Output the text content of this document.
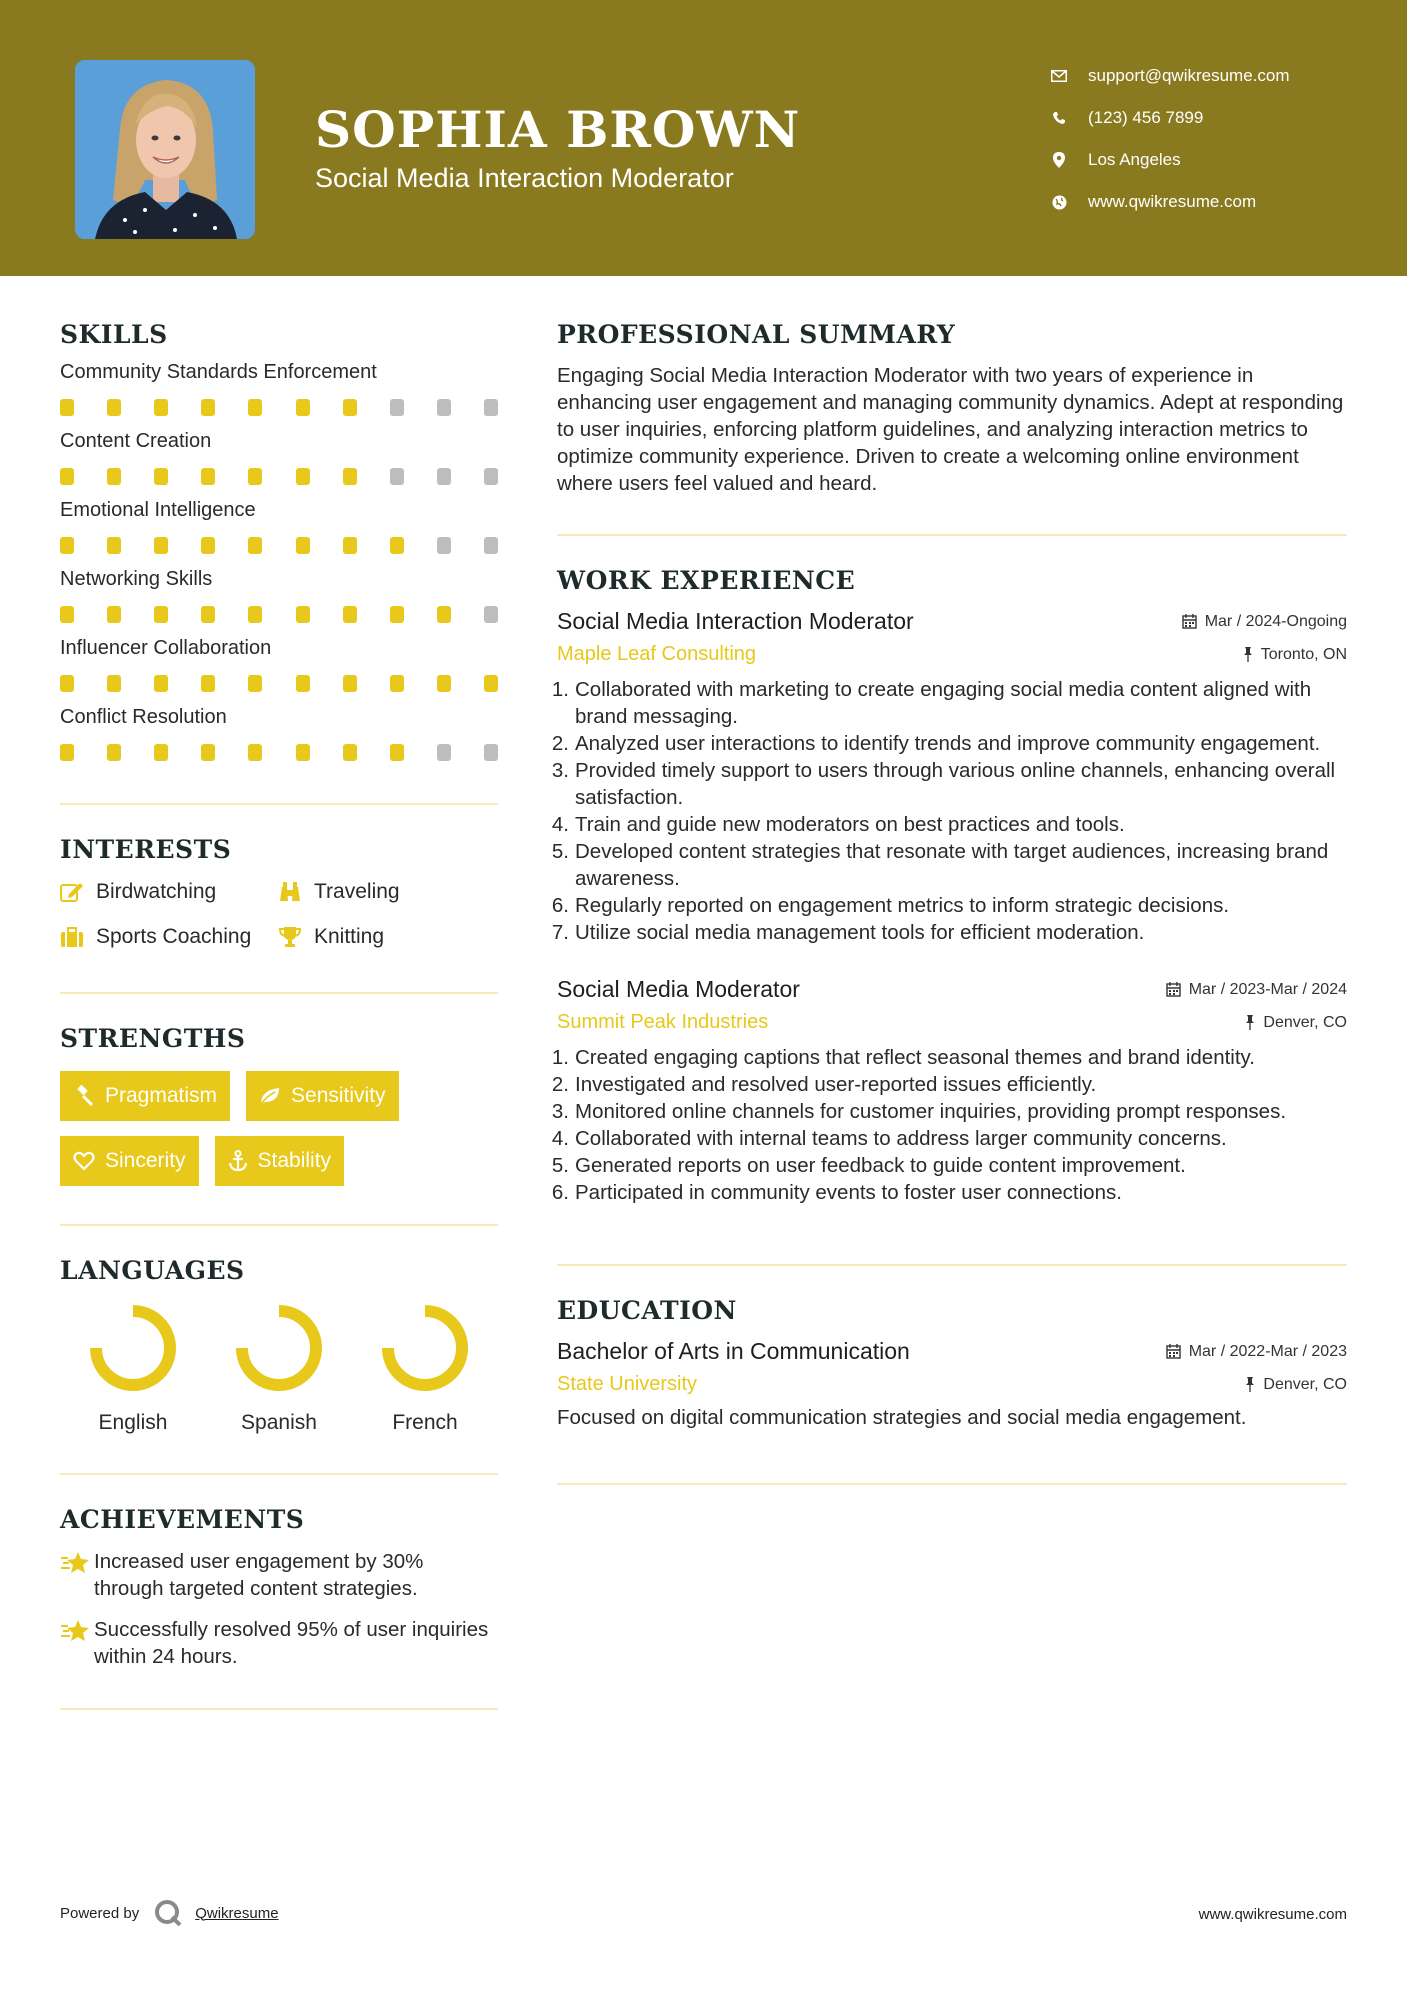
SOPHIA BROWN
Social Media Interaction Moderator
support@qwikresume.com
(123) 456 7899
Los Angeles
www.qwikresume.com
SKILLS
Community Standards Enforcement
Content Creation
Emotional Intelligence
Networking Skills
Influencer Collaboration
Conflict Resolution
INTERESTS
Birdwatching	Traveling
Sports Coaching	Knitting
STRENGTHS
Pragmatism	Sensitivity
Sincerity	Stability
LANGUAGES
English	Spanish	French
ACHIEVEMENTS
Increased user engagement by 30% through targeted content strategies.
Successfully resolved 95% of user inquiries within 24 hours.
PROFESSIONAL SUMMARY
Engaging Social Media Interaction Moderator with two years of experience in enhancing user engagement and managing community dynamics. Adept at responding to user inquiries, enforcing platform guidelines, and analyzing interaction metrics to optimize community experience. Driven to create a welcoming online environment where users feel valued and heard.
WORK EXPERIENCE
Social Media Interaction Moderator	Mar / 2024-Ongoing
Maple Leaf Consulting	Toronto, ON
1. Collaborated with marketing to create engaging social media content aligned with brand messaging.
2. Analyzed user interactions to identify trends and improve community engagement.
3. Provided timely support to users through various online channels, enhancing overall satisfaction.
4. Train and guide new moderators on best practices and tools.
5. Developed content strategies that resonate with target audiences, increasing brand awareness.
6. Regularly reported on engagement metrics to inform strategic decisions.
7. Utilize social media management tools for efficient moderation.
Social Media Moderator	Mar / 2023-Mar / 2024
Summit Peak Industries	Denver, CO
1. Created engaging captions that reflect seasonal themes and brand identity.
2. Investigated and resolved user-reported issues efficiently.
3. Monitored online channels for customer inquiries, providing prompt responses.
4. Collaborated with internal teams to address larger community concerns.
5. Generated reports on user feedback to guide content improvement.
6. Participated in community events to foster user connections.
EDUCATION
Bachelor of Arts in Communication	Mar / 2022-Mar / 2023
State University	Denver, CO
Focused on digital communication strategies and social media engagement.
Powered by	Qwikresume	www.qwikresume.com
